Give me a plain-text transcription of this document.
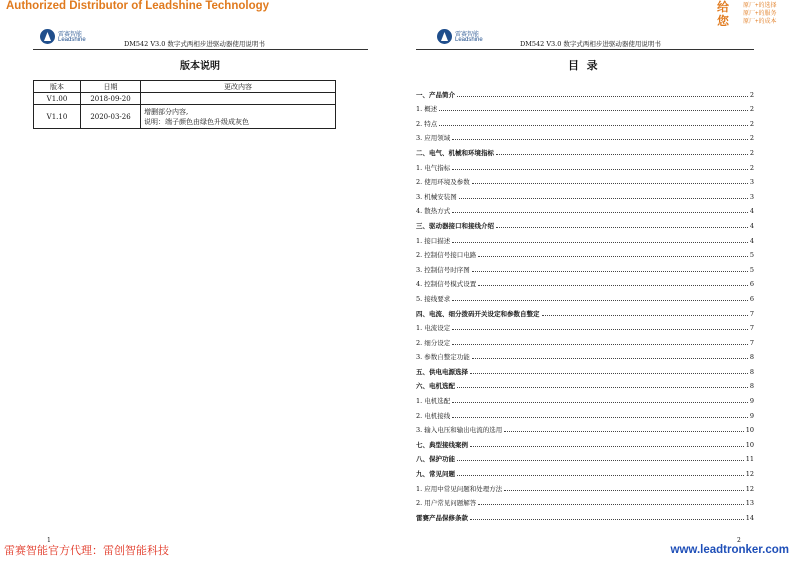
Authorized Distributor of Leadshine Technology	给
您
原厂+的选择
原厂+的服务
原厂+的成本
雷赛智能
Leadshine	DM542 V3.0 数字式两相步进驱动器使用说明书
版本说明
版本	日期	更改内容
V1.00	2018-09-20	
V1.10	2020-03-26	增删部分内容,
说明：端子颜色由绿色升级成灰色
1
雷赛智能
Leadshine	DM542 V3.0 数字式两相步进驱动器使用说明书
目  录
一、产品简介	2
1. 概述	2
2. 特点	2
3. 应用领域	2
二、电气、机械和环境指标	2
1. 电气指标	2
2. 使用环境及参数	3
3. 机械安装图	3
4. 散热方式	4
三、驱动器接口和接线介绍	4
1. 接口描述	4
2. 控制信号接口电路	5
3. 控制信号时序图	5
4. 控制信号模式设置	6
5. 接线要求	6
四、电流、细分拨码开关设定和参数自整定	7
1. 电流设定	7
2. 细分设定	7
3. 参数自整定功能	8
五、供电电源选择	8
六、电机选配	8
1. 电机选配	9
2. 电机接线	9
3. 输入电压和输出电流的选用	10
七、典型接线案例	10
八、保护功能	11
九、常见问题	12
1. 应用中常见问题和处理方法	12
2. 用户常见问题解答	13
雷赛产品保修条款	14
2
雷赛智能官方代理：雷创智能科技	www.leadtronker.com
